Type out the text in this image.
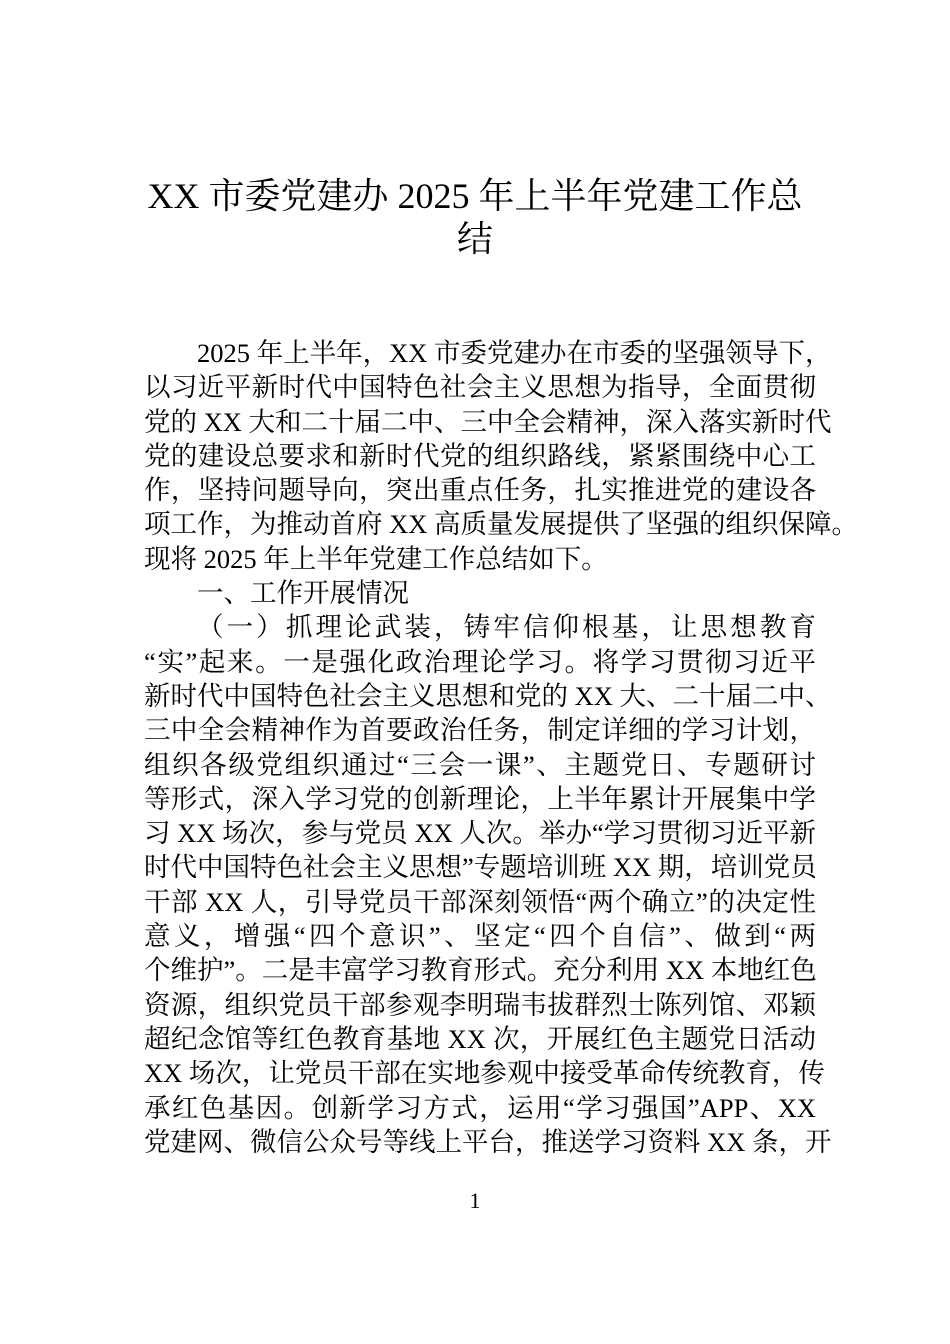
XX 市委党建办 2025 年上半年党建工作总
结
2025 年上半年，XX 市委党建办在市委的坚强领导下，
以习近平新时代中国特色社会主义思想为指导，全面贯彻
党的 XX 大和二十届二中、三中全会精神，深入落实新时代
党的建设总要求和新时代党的组织路线，紧紧围绕中心工
作，坚持问题导向，突出重点任务，扎实推进党的建设各
项工作，为推动首府 XX 高质量发展提供了坚强的组织保障。
现将 2025 年上半年党建工作总结如下。
一、工作开展情况
（一）抓理论武装，铸牢信仰根基，让思想教育
“实”起来。一是强化政治理论学习。将学习贯彻习近平
新时代中国特色社会主义思想和党的 XX 大、二十届二中、
三中全会精神作为首要政治任务，制定详细的学习计划，
组织各级党组织通过“三会一课”、主题党日、专题研讨
等形式，深入学习党的创新理论，上半年累计开展集中学
习 XX 场次，参与党员 XX 人次。举办“学习贯彻习近平新
时代中国特色社会主义思想”专题培训班 XX 期，培训党员
干部 XX 人，引导党员干部深刻领悟“两个确立”的决定性
意义，增强“四个意识”、坚定“四个自信”、做到“两
个维护”。二是丰富学习教育形式。充分利用 XX 本地红色
资源，组织党员干部参观李明瑞韦拔群烈士陈列馆、邓颖
超纪念馆等红色教育基地 XX 次，开展红色主题党日活动
XX 场次，让党员干部在实地参观中接受革命传统教育，传
承红色基因。创新学习方式，运用“学习强国”APP、XX
党建网、微信公众号等线上平台，推送学习资料 XX 条，开
1
